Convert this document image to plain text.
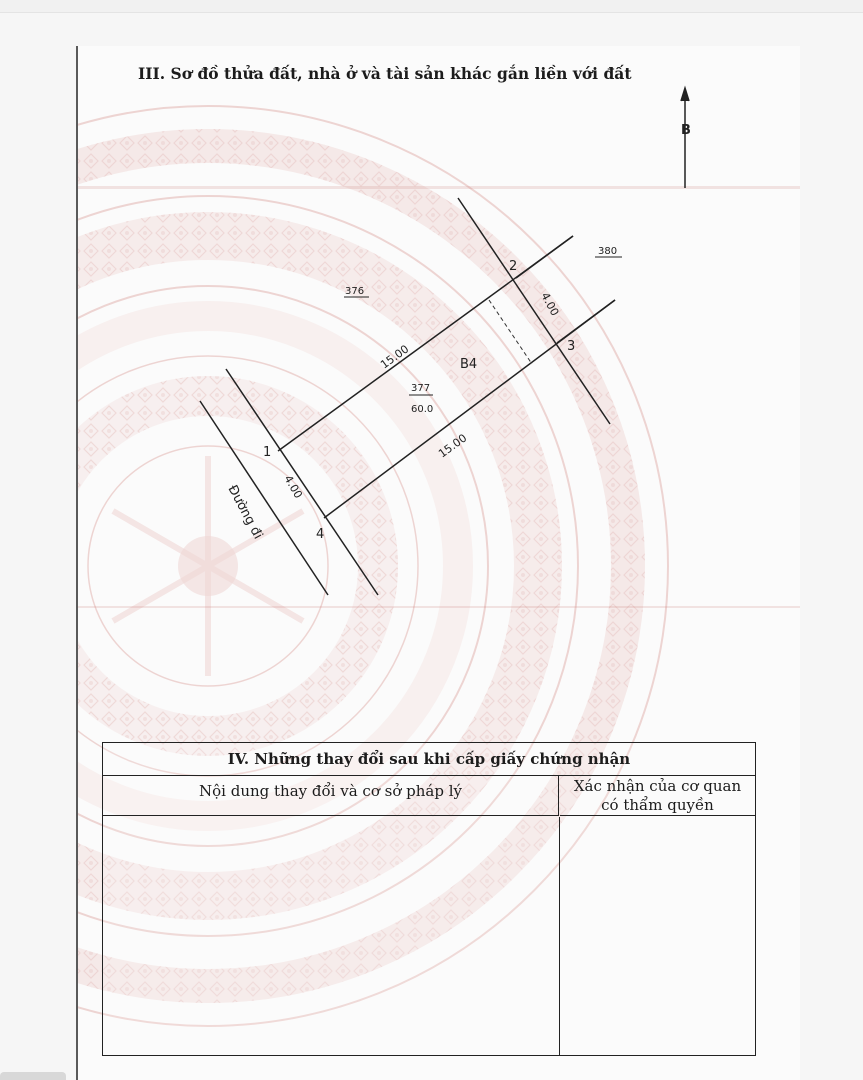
III. Sơ đồ thửa đất, nhà ở và tài sản khác gắn liền với đất
B
376
380
2
3
1
4
B4
377
60.0
15.00
15.00
4.00
4.00
Đường đi
IV. Những thay đổi sau khi cấp giấy chứng nhận
Nội dung thay đổi và cơ sở pháp lý	Xác nhận của cơ quan
có thẩm quyền
